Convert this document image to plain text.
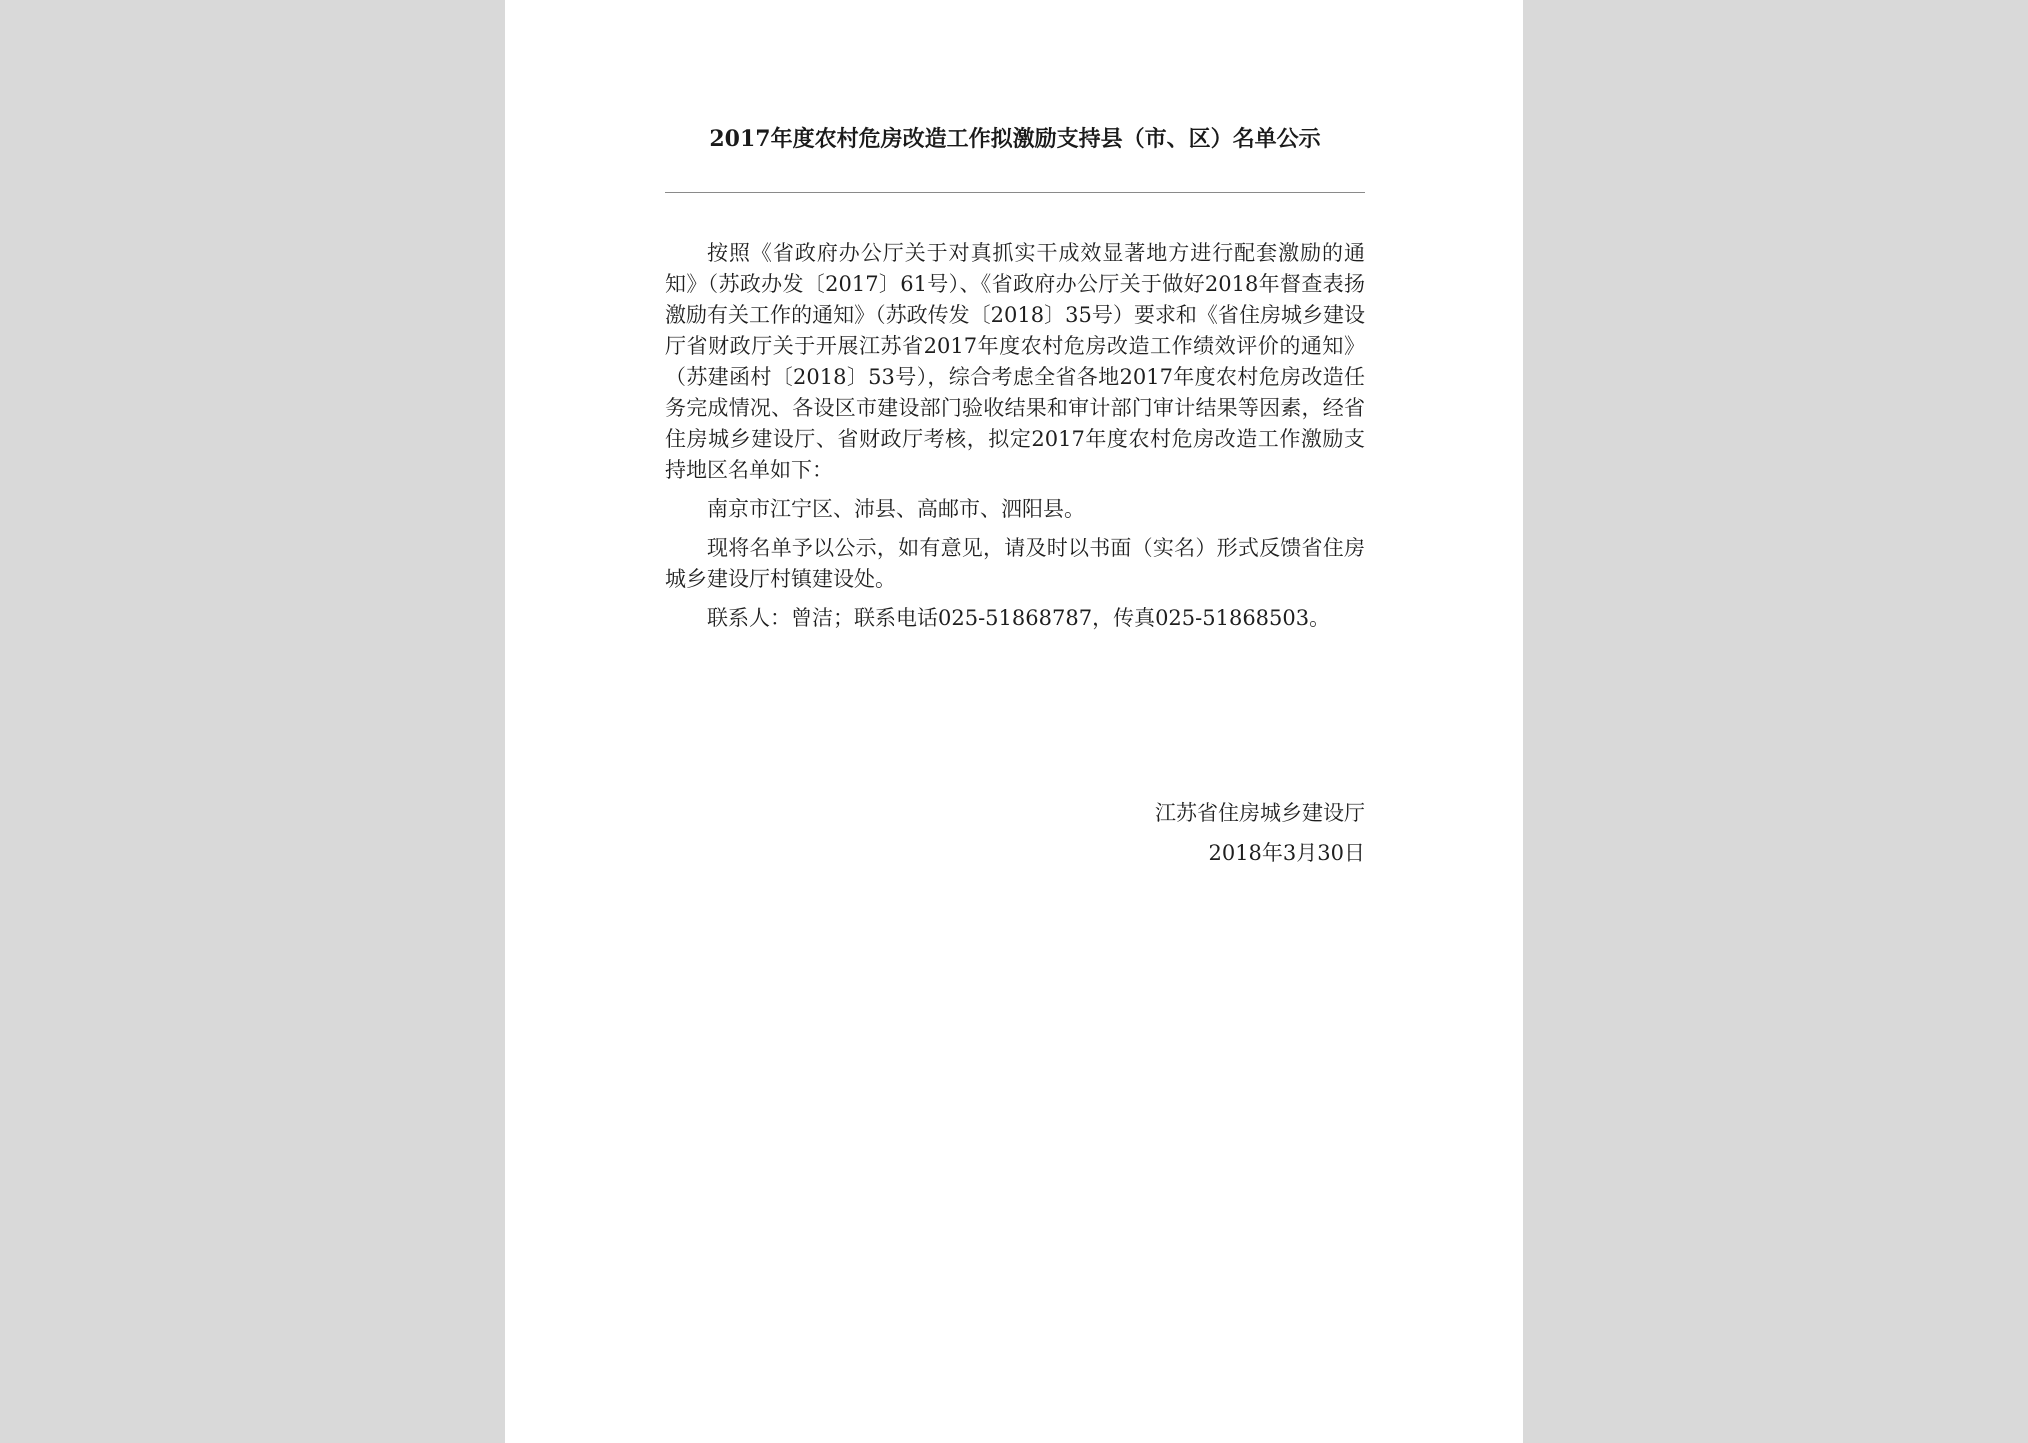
2017年度农村危房改造工作拟激励支持县（市、区）名单公示

按照《省政府办公厅关于对真抓实干成效显著地方进行配套激励的通知》（苏政办发〔2017〕61号）、《省政府办公厅关于做好2018年督查表扬激励有关工作的通知》（苏政传发〔2018〕35号）要求和《省住房城乡建设厅省财政厅关于开展江苏省2017年度农村危房改造工作绩效评价的通知》（苏建函村〔2018〕53号），综合考虑全省各地2017年度农村危房改造任务完成情况、各设区市建设部门验收结果和审计部门审计结果等因素，经省住房城乡建设厅、省财政厅考核，拟定2017年度农村危房改造工作激励支持地区名单如下：

南京市江宁区、沛县、高邮市、泗阳县。

现将名单予以公示，如有意见，请及时以书面（实名）形式反馈省住房城乡建设厅村镇建设处。

联系人：曾洁；联系电话025-51868787，传真025-51868503。

江苏省住房城乡建设厅
2018年3月30日
